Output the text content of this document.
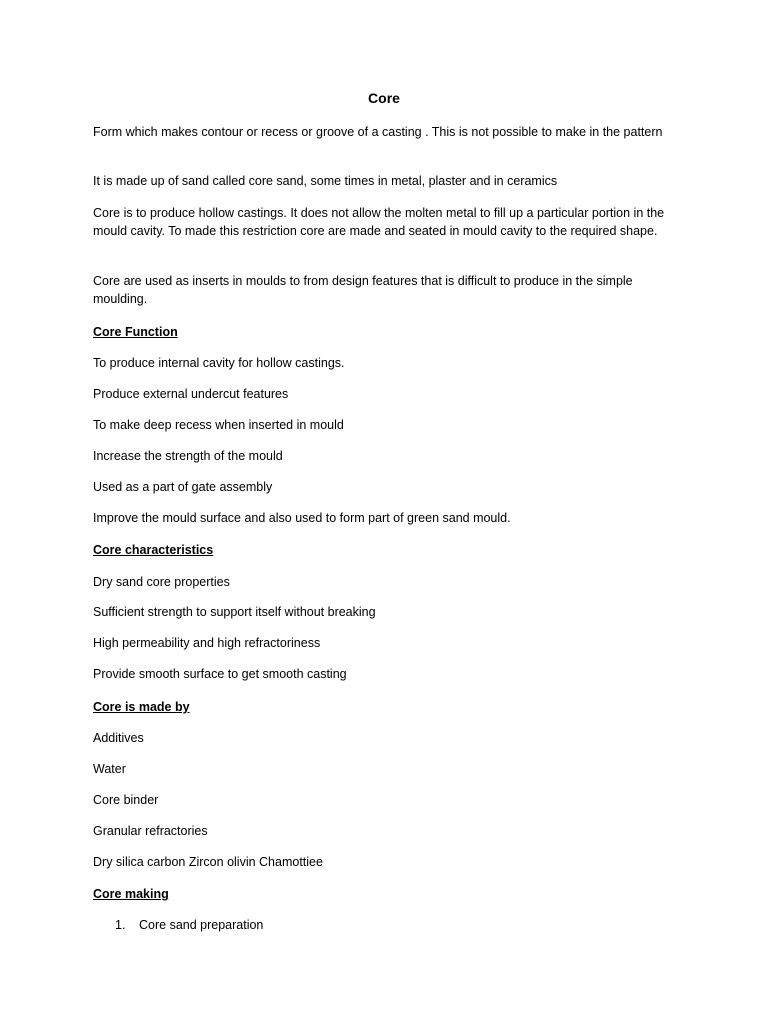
Core

Form which makes contour or recess or groove of a casting . This is not possible to make in the pattern

It is made up of sand called core sand, some times in metal, plaster and in ceramics

Core is to produce hollow castings. It does not allow the molten metal to fill up a particular portion in the mould cavity. To made this restriction core are made and seated in mould cavity to the required shape.

Core are used as inserts in moulds to from design features that is difficult to produce in the simple moulding.

Core Function

To produce internal cavity for hollow castings.

Produce external undercut features

To make deep recess when inserted in mould

Increase the strength of the mould

Used as a part of gate assembly

Improve the mould surface and also used to form part of green sand mould.

Core characteristics

Dry sand core properties

Sufficient strength to support itself without breaking

High permeability and high refractoriness

Provide smooth surface to get smooth casting

Core is made by

Additives

Water

Core binder

Granular refractories

Dry silica carbon Zircon olivin Chamottiee

Core making

1. Core sand preparation
